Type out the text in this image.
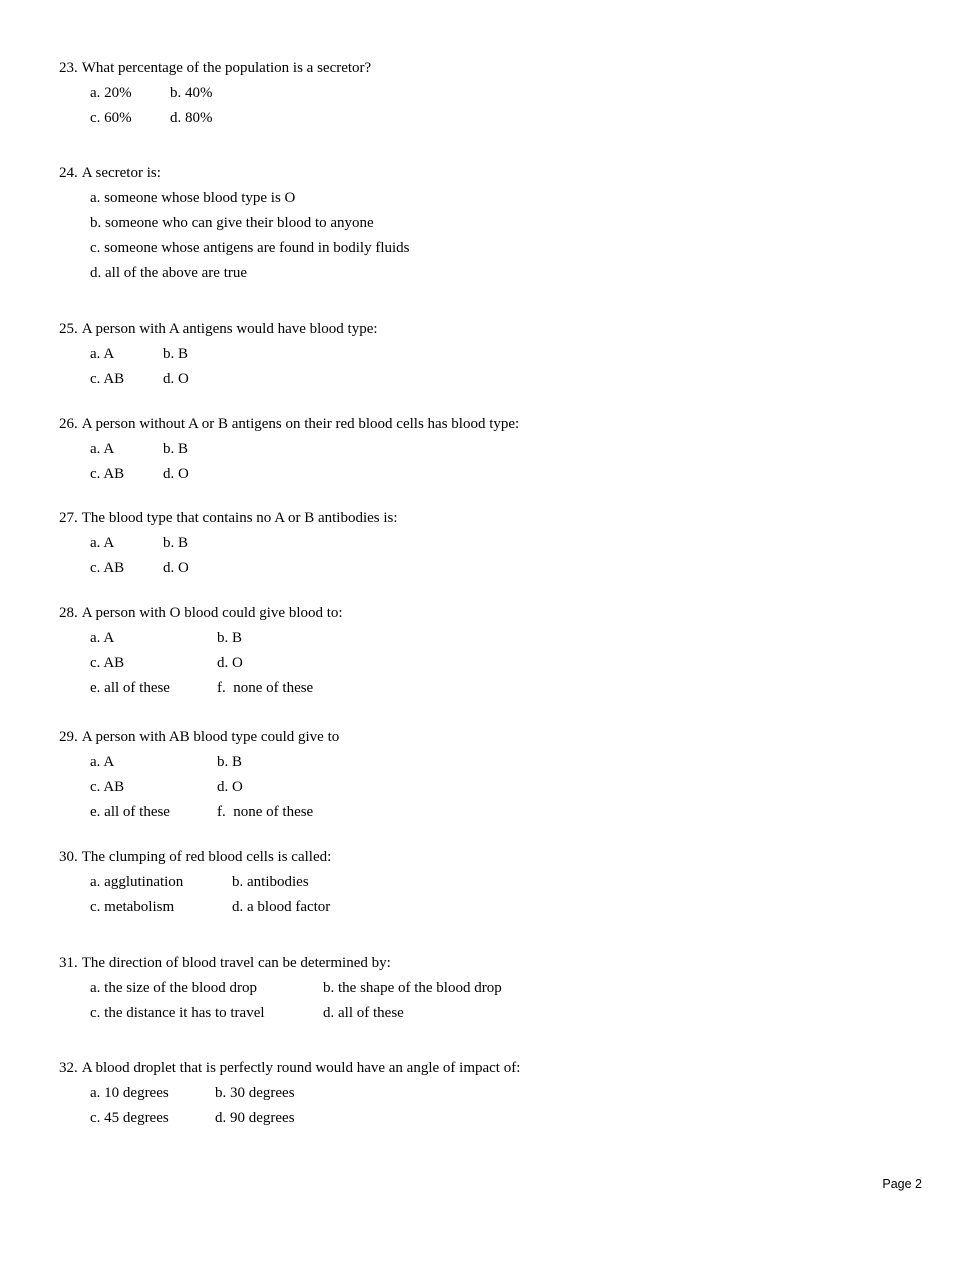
23. What percentage of the population is a secretor?
a. 20%	b. 40%
c. 60%	d. 80%
24. A secretor is:
a. someone whose blood type is O
b. someone who can give their blood to anyone
c. someone whose antigens are found in bodily fluids
d. all of the above are true
25. A person with A antigens would have blood type:
a. A	b. B
c. AB	d. O
26. A person without A or B antigens on their red blood cells has blood type:
a. A	b. B
c. AB	d. O
27. The blood type that contains no A or B antibodies is:
a. A	b. B
c. AB	d. O
28. A person with O blood could give blood to:
a. A	b. B
c. AB	d. O
e. all of these	f.  none of these
29. A person with AB blood type could give to
a. A	b. B
c. AB	d. O
e. all of these	f.  none of these
30. The clumping of red blood cells is called:
a. agglutination	b. antibodies
c. metabolism	d. a blood factor
31. The direction of blood travel can be determined by:
a. the size of the blood drop	b. the shape of the blood drop
c. the distance it has to travel	d. all of these
32. A blood droplet that is perfectly round would have an angle of impact of:
a. 10 degrees	b. 30 degrees
c. 45 degrees	d. 90 degrees
Page 2
